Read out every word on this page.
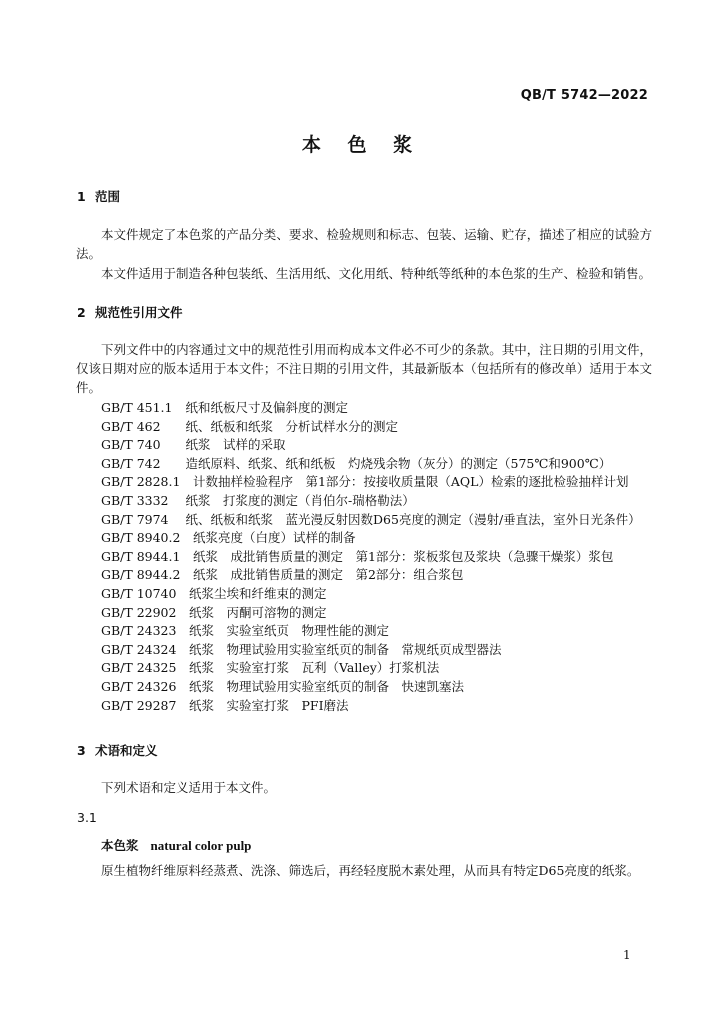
QB/T 5742—2022
本 色 浆
1 范围
本文件规定了本色浆的产品分类、要求、检验规则和标志、包装、运输、贮存，描述了相应的试验方法。
本文件适用于制造各种包装纸、生活用纸、文化用纸、特种纸等纸种的本色浆的生产、检验和销售。
2 规范性引用文件
下列文件中的内容通过文中的规范性引用而构成本文件必不可少的条款。其中，注日期的引用文件，仅该日期对应的版本适用于本文件；不注日期的引用文件，其最新版本（包括所有的修改单）适用于本文件。
GB/T 451.1　 纸和纸板尺寸及偏斜度的测定
GB/T 462　 纸、纸板和纸浆　分析试样水分的测定
GB/T 740　 纸浆　试样的采取
GB/T 742　 造纸原料、纸浆、纸和纸板　灼烧残余物（灰分）的测定（575℃和900℃）
GB/T 2828.1　 计数抽样检验程序　第1部分：按接收质量限（AQL）检索的逐批检验抽样计划
GB/T 3332　 纸浆　打浆度的测定（肖伯尔-瑞格勒法）
GB/T 7974　 纸、纸板和纸浆　蓝光漫反射因数D65亮度的测定（漫射/垂直法，室外日光条件）
GB/T 8940.2　 纸浆亮度（白度）试样的制备
GB/T 8944.1　 纸浆　成批销售质量的测定　第1部分：浆板浆包及浆块（急骤干燥浆）浆包
GB/T 8944.2　 纸浆　成批销售质量的测定　第2部分：组合浆包
GB/T 10740　 纸浆尘埃和纤维束的测定
GB/T 22902　 纸浆　丙酮可溶物的测定
GB/T 24323　 纸浆　实验室纸页　物理性能的测定
GB/T 24324　 纸浆　物理试验用实验室纸页的制备　常规纸页成型器法
GB/T 24325　 纸浆　实验室打浆　瓦利（Valley）打浆机法
GB/T 24326　 纸浆　物理试验用实验室纸页的制备　快速凯塞法
GB/T 29287　 纸浆　实验室打浆　PFI磨法
3 术语和定义
下列术语和定义适用于本文件。
3.1
本色浆 natural color pulp
原生植物纤维原料经蒸煮、洗涤、筛选后，再经轻度脱木素处理，从而具有特定D65亮度的纸浆。
1
